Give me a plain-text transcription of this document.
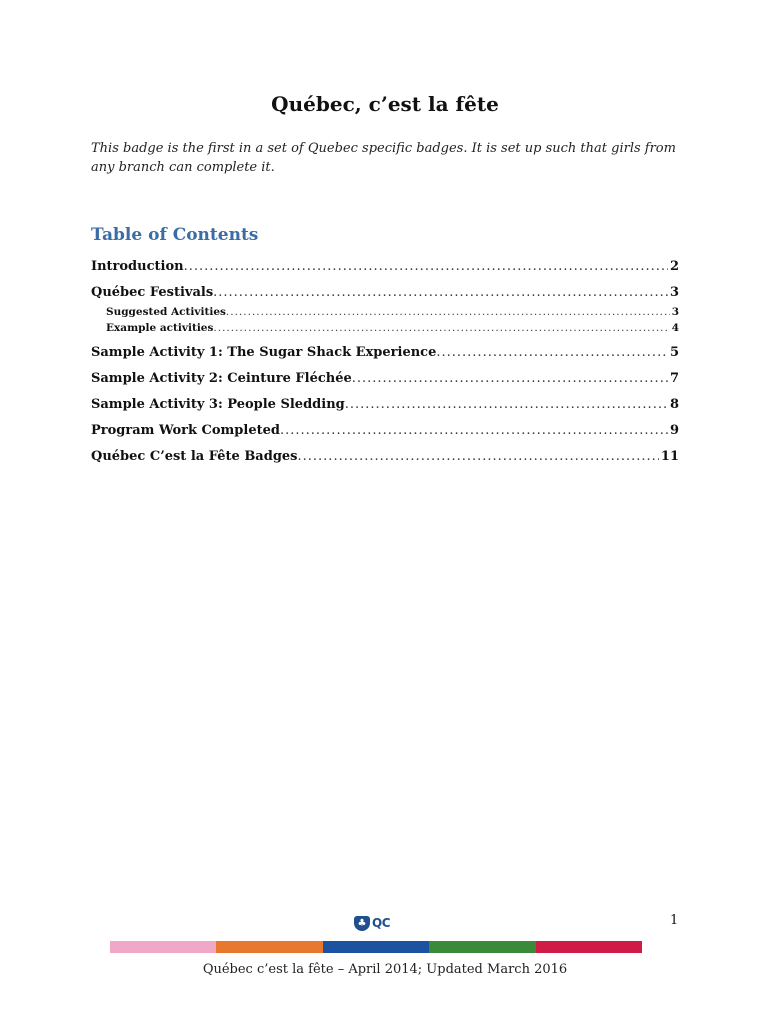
Québec, c’est la fête
This badge is the first in a set of Quebec specific badges. It is set up such that girls from any branch can complete it.
Table of Contents
Introduction .....	2
Québec Festivals .....	3
Suggested Activities .....	3
Example activities .....	4
Sample Activity 1: The Sugar Shack Experience .....	5
Sample Activity 2: Ceinture Fléchée .....	7
Sample Activity 3: People Sledding .....	8
Program Work Completed .....	9
Québec C’est la Fête Badges .....	11
♣ QC	1
Québec c’est la fête – April 2014; Updated March 2016
